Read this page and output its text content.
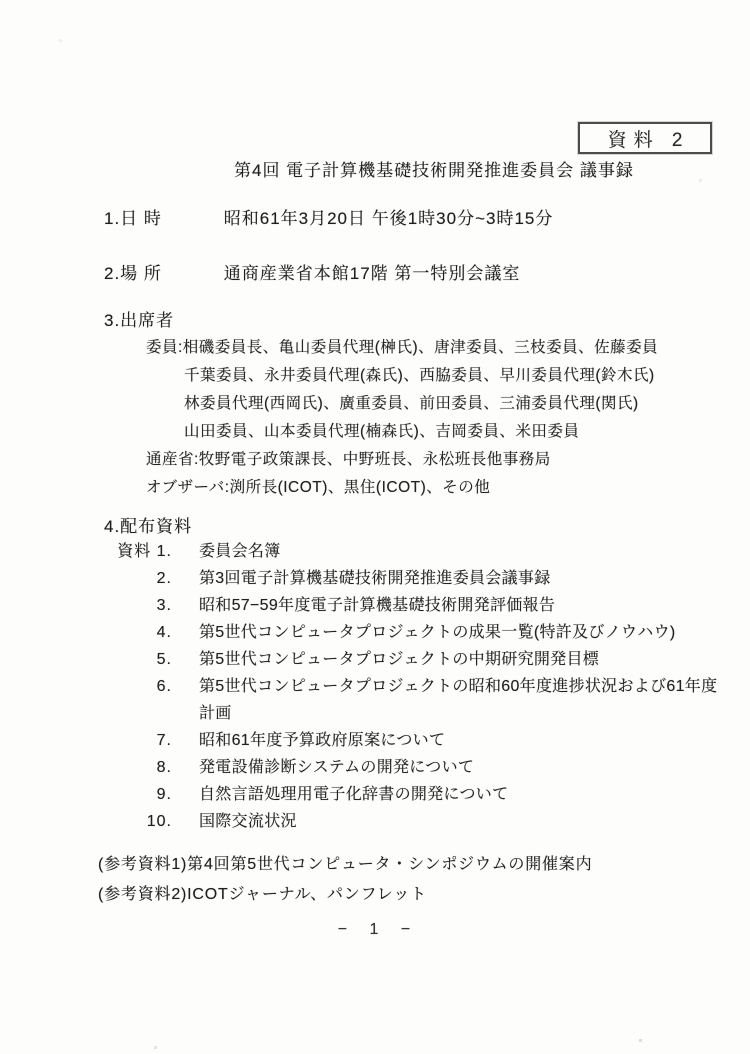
資料 2
第4回 電子計算機基礎技術開発推進委員会 議事録
1.日 時	昭和61年3月20日 午後1時30分~3時15分
2.場 所	通商産業省本館17階 第一特別会議室
3.出席者
委員:相磯委員長、亀山委員代理(榊氏)、唐津委員、三枝委員、佐藤委員
千葉委員、永井委員代理(森氏)、西脇委員、早川委員代理(鈴木氏)
林委員代理(西岡氏)、廣重委員、前田委員、三浦委員代理(関氏)
山田委員、山本委員代理(楠森氏)、吉岡委員、米田委員
通産省:牧野電子政策課長、中野班長、永松班長他事務局
オブザーバ:渕所長(ICOT)、黒住(ICOT)、その他
4.配布資料
資料 1. 委員会名簿
2. 第3回電子計算機基礎技術開発推進委員会議事録
3. 昭和57−59年度電子計算機基礎技術開発評価報告
4. 第5世代コンピュータプロジェクトの成果一覧(特許及びノウハウ)
5. 第5世代コンピュータプロジェクトの中期研究開発目標
6. 第5世代コンピュータプロジェクトの昭和60年度進捗状況および61年度
計画
7. 昭和61年度予算政府原案について
8. 発電設備診断システムの開発について
9. 自然言語処理用電子化辞書の開発について
10. 国際交流状況
(参考資料1)第4回第5世代コンピュータ・シンポジウムの開催案内
(参考資料2)ICOTジャーナル、パンフレット
− 1 −
